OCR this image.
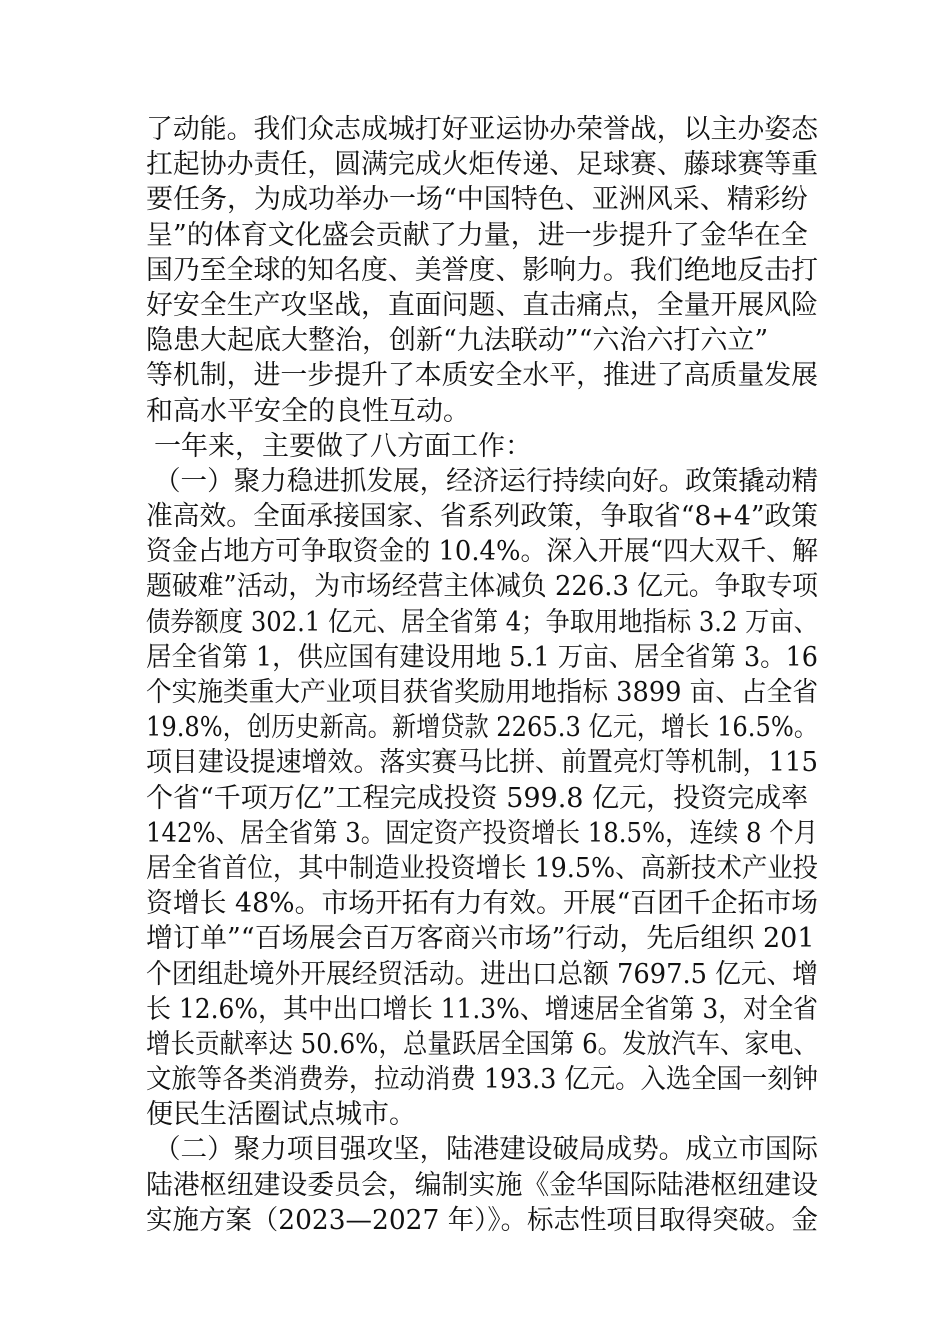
了动能。我们众志成城打好亚运协办荣誉战，以主办姿态
扛起协办责任，圆满完成火炬传递、足球赛、藤球赛等重
要任务，为成功举办一场“中国特色、亚洲风采、精彩纷
呈”的体育文化盛会贡献了力量，进一步提升了金华在全
国乃至全球的知名度、美誉度、影响力。我们绝地反击打
好安全生产攻坚战，直面问题、直击痛点，全量开展风险
隐患大起底大整治，创新“九法联动”“六治六打六立”
等机制，进一步提升了本质安全水平，推进了高质量发展
和高水平安全的良性互动。
一年来，主要做了八方面工作：
（一）聚力稳进抓发展，经济运行持续向好。政策撬动精
准高效。全面承接国家、省系列政策，争取省“8+4”政策
资金占地方可争取资金的 10.4%。深入开展“四大双千、解
题破难”活动，为市场经营主体减负 226.3 亿元。争取专项
债券额度 302.1 亿元、居全省第 4；争取用地指标 3.2 万亩、
居全省第 1，供应国有建设用地 5.1 万亩、居全省第 3。16
个实施类重大产业项目获省奖励用地指标 3899 亩、占全省
19.8%，创历史新高。新增贷款 2265.3 亿元，增长 16.5%。
项目建设提速增效。落实赛马比拼、前置亮灯等机制，115
个省“千项万亿”工程完成投资 599.8 亿元，投资完成率
142%、居全省第 3。固定资产投资增长 18.5%，连续 8 个月
居全省首位，其中制造业投资增长 19.5%、高新技术产业投
资增长 48%。市场开拓有力有效。开展“百团千企拓市场
增订单”“百场展会百万客商兴市场”行动，先后组织 201
个团组赴境外开展经贸活动。进出口总额 7697.5 亿元、增
长 12.6%，其中出口增长 11.3%、增速居全省第 3，对全省
增长贡献率达 50.6%，总量跃居全国第 6。发放汽车、家电、
文旅等各类消费券，拉动消费 193.3 亿元。入选全国一刻钟
便民生活圈试点城市。
（二）聚力项目强攻坚，陆港建设破局成势。成立市国际
陆港枢纽建设委员会，编制实施《金华国际陆港枢纽建设
实施方案（2023—2027 年）》。标志性项目取得突破。金
